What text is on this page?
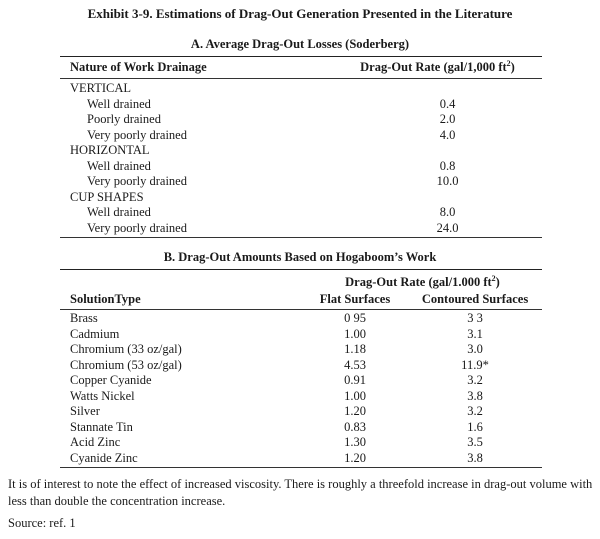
Exhibit 3-9. Estimations of Drag-Out Generation Presented in the Literature
A. Average Drag-Out Losses (Soderberg)
Nature of Work Drainage	Drag-Out Rate (gal/1,000 $ft^2$)
VERTICAL
Well drained	0.4
Poorly drained	2.0
Very poorly drained	4.0
HORIZONTAL
Well drained	0.8
Very poorly drained	10.0
CUP SHAPES
Well drained	8.0
Very poorly drained	24.0
B. Drag-Out Amounts Based on Hogaboom’s Work
Drag-Out Rate (gal/1.000 $ft^2$)
SolutionType	Flat Surfaces	Contoured Surfaces
Brass	0 95	3 3
Cadmium	1.00	3.1
Chromium (33 oz/gal)	1.18	3.0
Chromium (53 oz/gal)	4.53	11.9*
Copper Cyanide	0.91	3.2
Watts Nickel	1.00	3.8
Silver	1.20	3.2
Stannate Tin	0.83	1.6
Acid Zinc	1.30	3.5
Cyanide Zinc	1.20	3.8
It is of interest to note the effect of increased viscosity. There is roughly a threefold increase in drag-out volume with less than double the concentration increase.
Source: ref. 1
